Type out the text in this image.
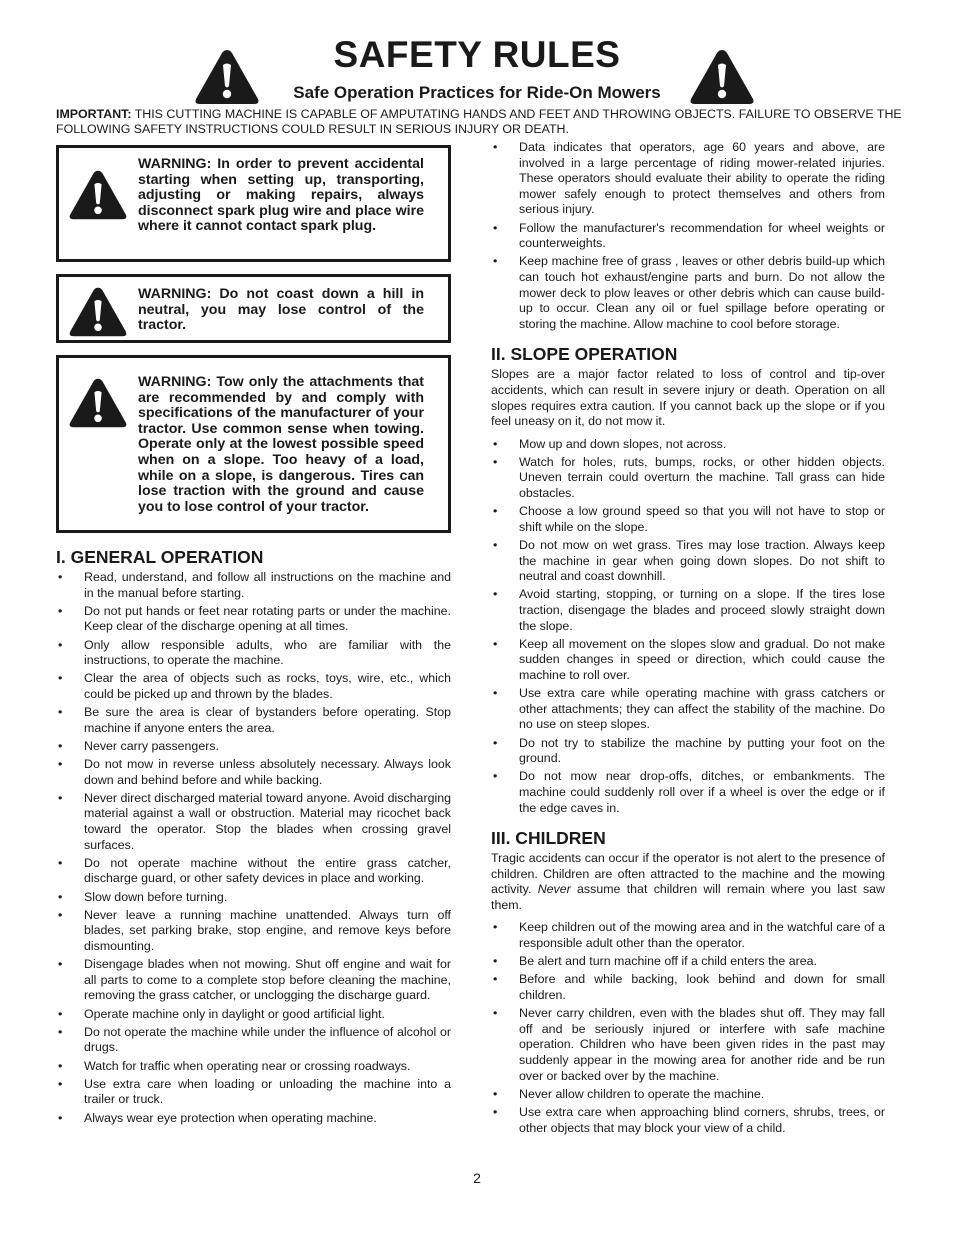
SAFETY RULES
Safe Operation Practices for Ride-On Mowers
IMPORTANT: THIS CUTTING MACHINE IS CAPABLE OF AMPUTATING HANDS AND FEET AND THROWING OBJECTS. FAILURE TO OBSERVE THE FOLLOWING SAFETY INSTRUCTIONS COULD RESULT IN SERIOUS INJURY OR DEATH.
WARNING: In order to prevent accidental starting when setting up, transporting, adjusting or making repairs, always disconnect spark plug wire and place wire where it cannot contact spark plug.
WARNING: Do not coast down a hill in neutral, you may lose control of the tractor.
WARNING: Tow only the attachments that are recommended by and comply with specifications of the manufacturer of your tractor. Use common sense when towing. Operate only at the lowest possible speed when on a slope. Too heavy of a load, while on a slope, is dangerous. Tires can lose traction with the ground and cause you to lose control of your tractor.
I. GENERAL OPERATION
• Read, understand, and follow all instructions on the machine and in the manual before starting.
• Do not put hands or feet near rotating parts or under the machine. Keep clear of the discharge opening at all times.
• Only allow responsible adults, who are familiar with the instructions, to operate the machine.
• Clear the area of objects such as rocks, toys, wire, etc., which could be picked up and thrown by the blades.
• Be sure the area is clear of bystanders before operating. Stop machine if anyone enters the area.
• Never carry passengers.
• Do not mow in reverse unless absolutely necessary. Always look down and behind before and while backing.
• Never direct discharged material toward anyone. Avoid discharging material against a wall or obstruction. Material may ricochet back toward the operator. Stop the blades when crossing gravel surfaces.
• Do not operate machine without the entire grass catcher, discharge guard, or other safety devices in place and working.
• Slow down before turning.
• Never leave a running machine unattended. Always turn off blades, set parking brake, stop engine, and remove keys before dismounting.
• Disengage blades when not mowing. Shut off engine and wait for all parts to come to a complete stop before cleaning the machine, removing the grass catcher, or unclogging the discharge guard.
• Operate machine only in daylight or good artificial light.
• Do not operate the machine while under the influence of alcohol or drugs.
• Watch for traffic when operating near or crossing roadways.
• Use extra care when loading or unloading the machine into a trailer or truck.
• Always wear eye protection when operating machine.
• Data indicates that operators, age 60 years and above, are involved in a large percentage of riding mower-related injuries. These operators should evaluate their ability to operate the riding mower safely enough to protect themselves and others from serious injury.
• Follow the manufacturer's recommendation for wheel weights or counterweights.
• Keep machine free of grass , leaves or other debris build-up which can touch hot exhaust/engine parts and burn. Do not allow the mower deck to plow leaves or other debris which can cause build-up to occur. Clean any oil or fuel spillage before operating or storing the machine. Allow machine to cool before storage.
II. SLOPE OPERATION

Slopes are a major factor related to loss of control and tip-over accidents, which can result in severe injury or death. Operation on all slopes requires extra caution. If you cannot back up the slope or if you feel uneasy on it, do not mow it.

• Mow up and down slopes, not across.
• Watch for holes, ruts, bumps, rocks, or other hidden objects. Uneven terrain could overturn the machine. Tall grass can hide obstacles.
• Choose a low ground speed so that you will not have to stop or shift while on the slope.
• Do not mow on wet grass. Tires may lose traction. Always keep the machine in gear when going down slopes. Do not shift to neutral and coast downhill.
• Avoid starting, stopping, or turning on a slope. If the tires lose traction, disengage the blades and proceed slowly straight down the slope.
• Keep all movement on the slopes slow and gradual. Do not make sudden changes in speed or direction, which could cause the machine to roll over.
• Use extra care while operating machine with grass catchers or other attachments; they can affect the stability of the machine. Do no use on steep slopes.
• Do not try to stabilize the machine by putting your foot on the ground.
• Do not mow near drop-offs, ditches, or embankments. The machine could suddenly roll over if a wheel is over the edge or if the edge caves in.
III. CHILDREN

Tragic accidents can occur if the operator is not alert to the presence of children. Children are often attracted to the machine and the mowing activity. Never assume that children will remain where you last saw them.

• Keep children out of the mowing area and in the watchful care of a responsible adult other than the operator.
• Be alert and turn machine off if a child enters the area.
• Before and while backing, look behind and down for small children.
• Never carry children, even with the blades shut off. They may fall off and be seriously injured or interfere with safe machine operation. Children who have been given rides in the past may suddenly appear in the mowing area for another ride and be run over or backed over by the machine.
• Never allow children to operate the machine.
• Use extra care when approaching blind corners, shrubs, trees, or other objects that may block your view of a child.
2
